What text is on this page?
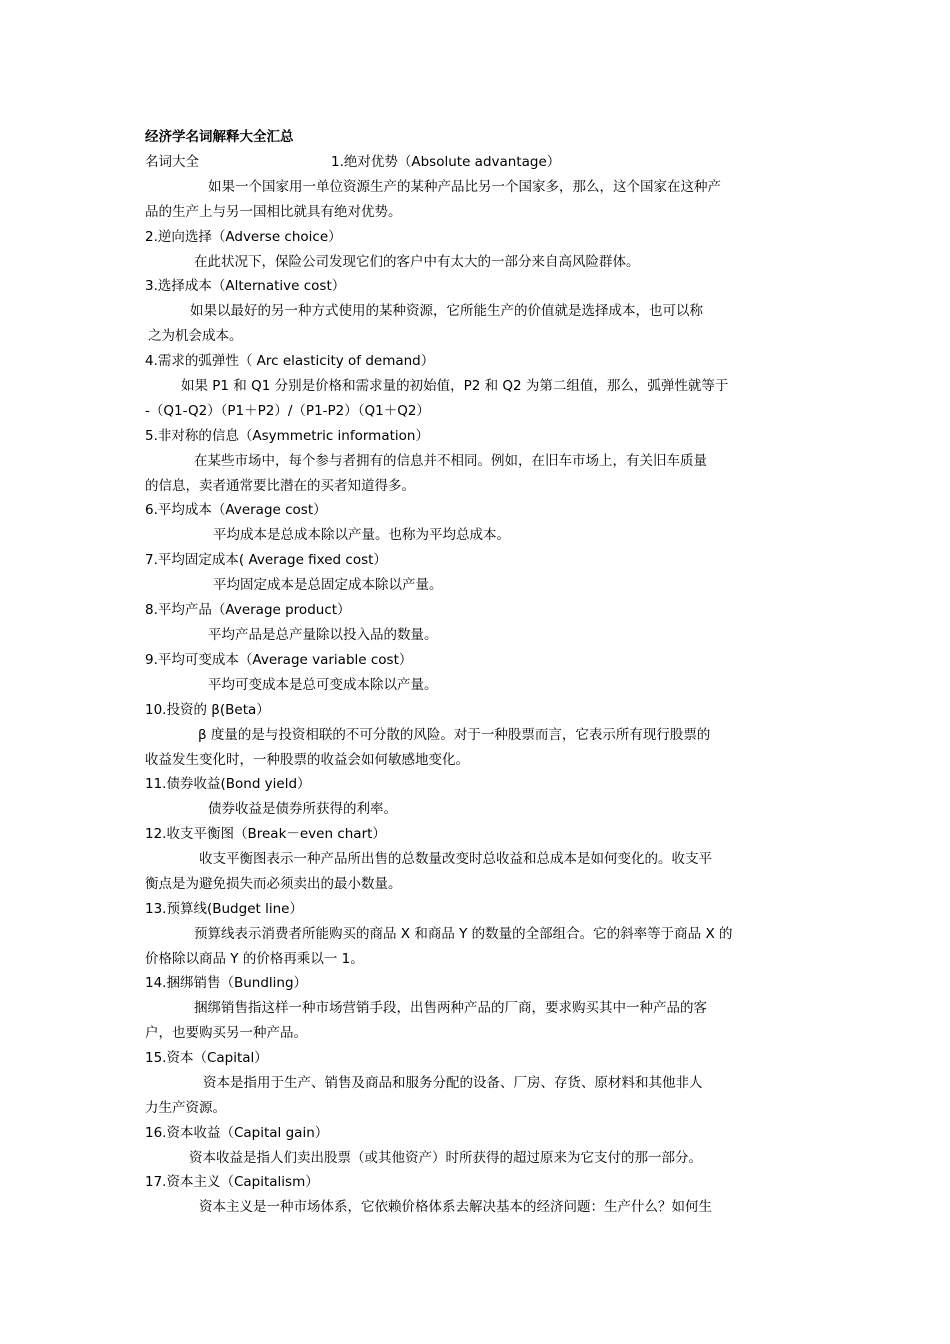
经济学名词解释大全汇总
名词大全	1.绝对优势（Absolute advantage）
如果一个国家用一单位资源生产的某种产品比另一个国家多，那么，这个国家在这种产
品的生产上与另一国相比就具有绝对优势。
2.逆向选择（Adverse choice）
在此状况下，保险公司发现它们的客户中有太大的一部分来自高风险群体。
3.选择成本（Alternative cost）
如果以最好的另一种方式使用的某种资源，它所能生产的价值就是选择成本，也可以称
之为机会成本。
4.需求的弧弹性（ Arc elasticity of demand）
如果 P1 和 Q1 分别是价格和需求量的初始值，P2 和 Q2 为第二组值，那么，弧弹性就等于
-（Q1-Q2）（P1＋P2）/（P1-P2）（Q1＋Q2）
5.非对称的信息（Asymmetric information）
在某些市场中，每个参与者拥有的信息并不相同。例如，在旧车市场上，有关旧车质量
的信息，卖者通常要比潜在的买者知道得多。
6.平均成本（Average cost）
平均成本是总成本除以产量。也称为平均总成本。
7.平均固定成本( Average fixed cost）
平均固定成本是总固定成本除以产量。
8.平均产品（Average product）
平均产品是总产量除以投入品的数量。
9.平均可变成本（Average variable cost）
平均可变成本是总可变成本除以产量。
10.投资的 β(Beta）
β 度量的是与投资相联的不可分散的风险。对于一种股票而言，它表示所有现行股票的
收益发生变化时，一种股票的收益会如何敏感地变化。
11.债券收益(Bond yield）
债券收益是债券所获得的利率。
12.收支平衡图（Break－even chart）
收支平衡图表示一种产品所出售的总数量改变时总收益和总成本是如何变化的。收支平
衡点是为避免损失而必须卖出的最小数量。
13.预算线(Budget line）
预算线表示消费者所能购买的商品 X 和商品 Y 的数量的全部组合。它的斜率等于商品 X 的
价格除以商品 Y 的价格再乘以一 1。
14.捆绑销售（Bundling）
捆绑销售指这样一种市场营销手段，出售两种产品的厂商，要求购买其中一种产品的客
户，也要购买另一种产品。
15.资本（Capital）
资本是指用于生产、销售及商品和服务分配的设备、厂房、存货、原材料和其他非人
力生产资源。
16.资本收益（Capital gain）
资本收益是指人们卖出股票（或其他资产）时所获得的超过原来为它支付的那一部分。
17.资本主义（Capitalism）
资本主义是一种市场体系，它依赖价格体系去解决基本的经济问题：生产什么？如何生
